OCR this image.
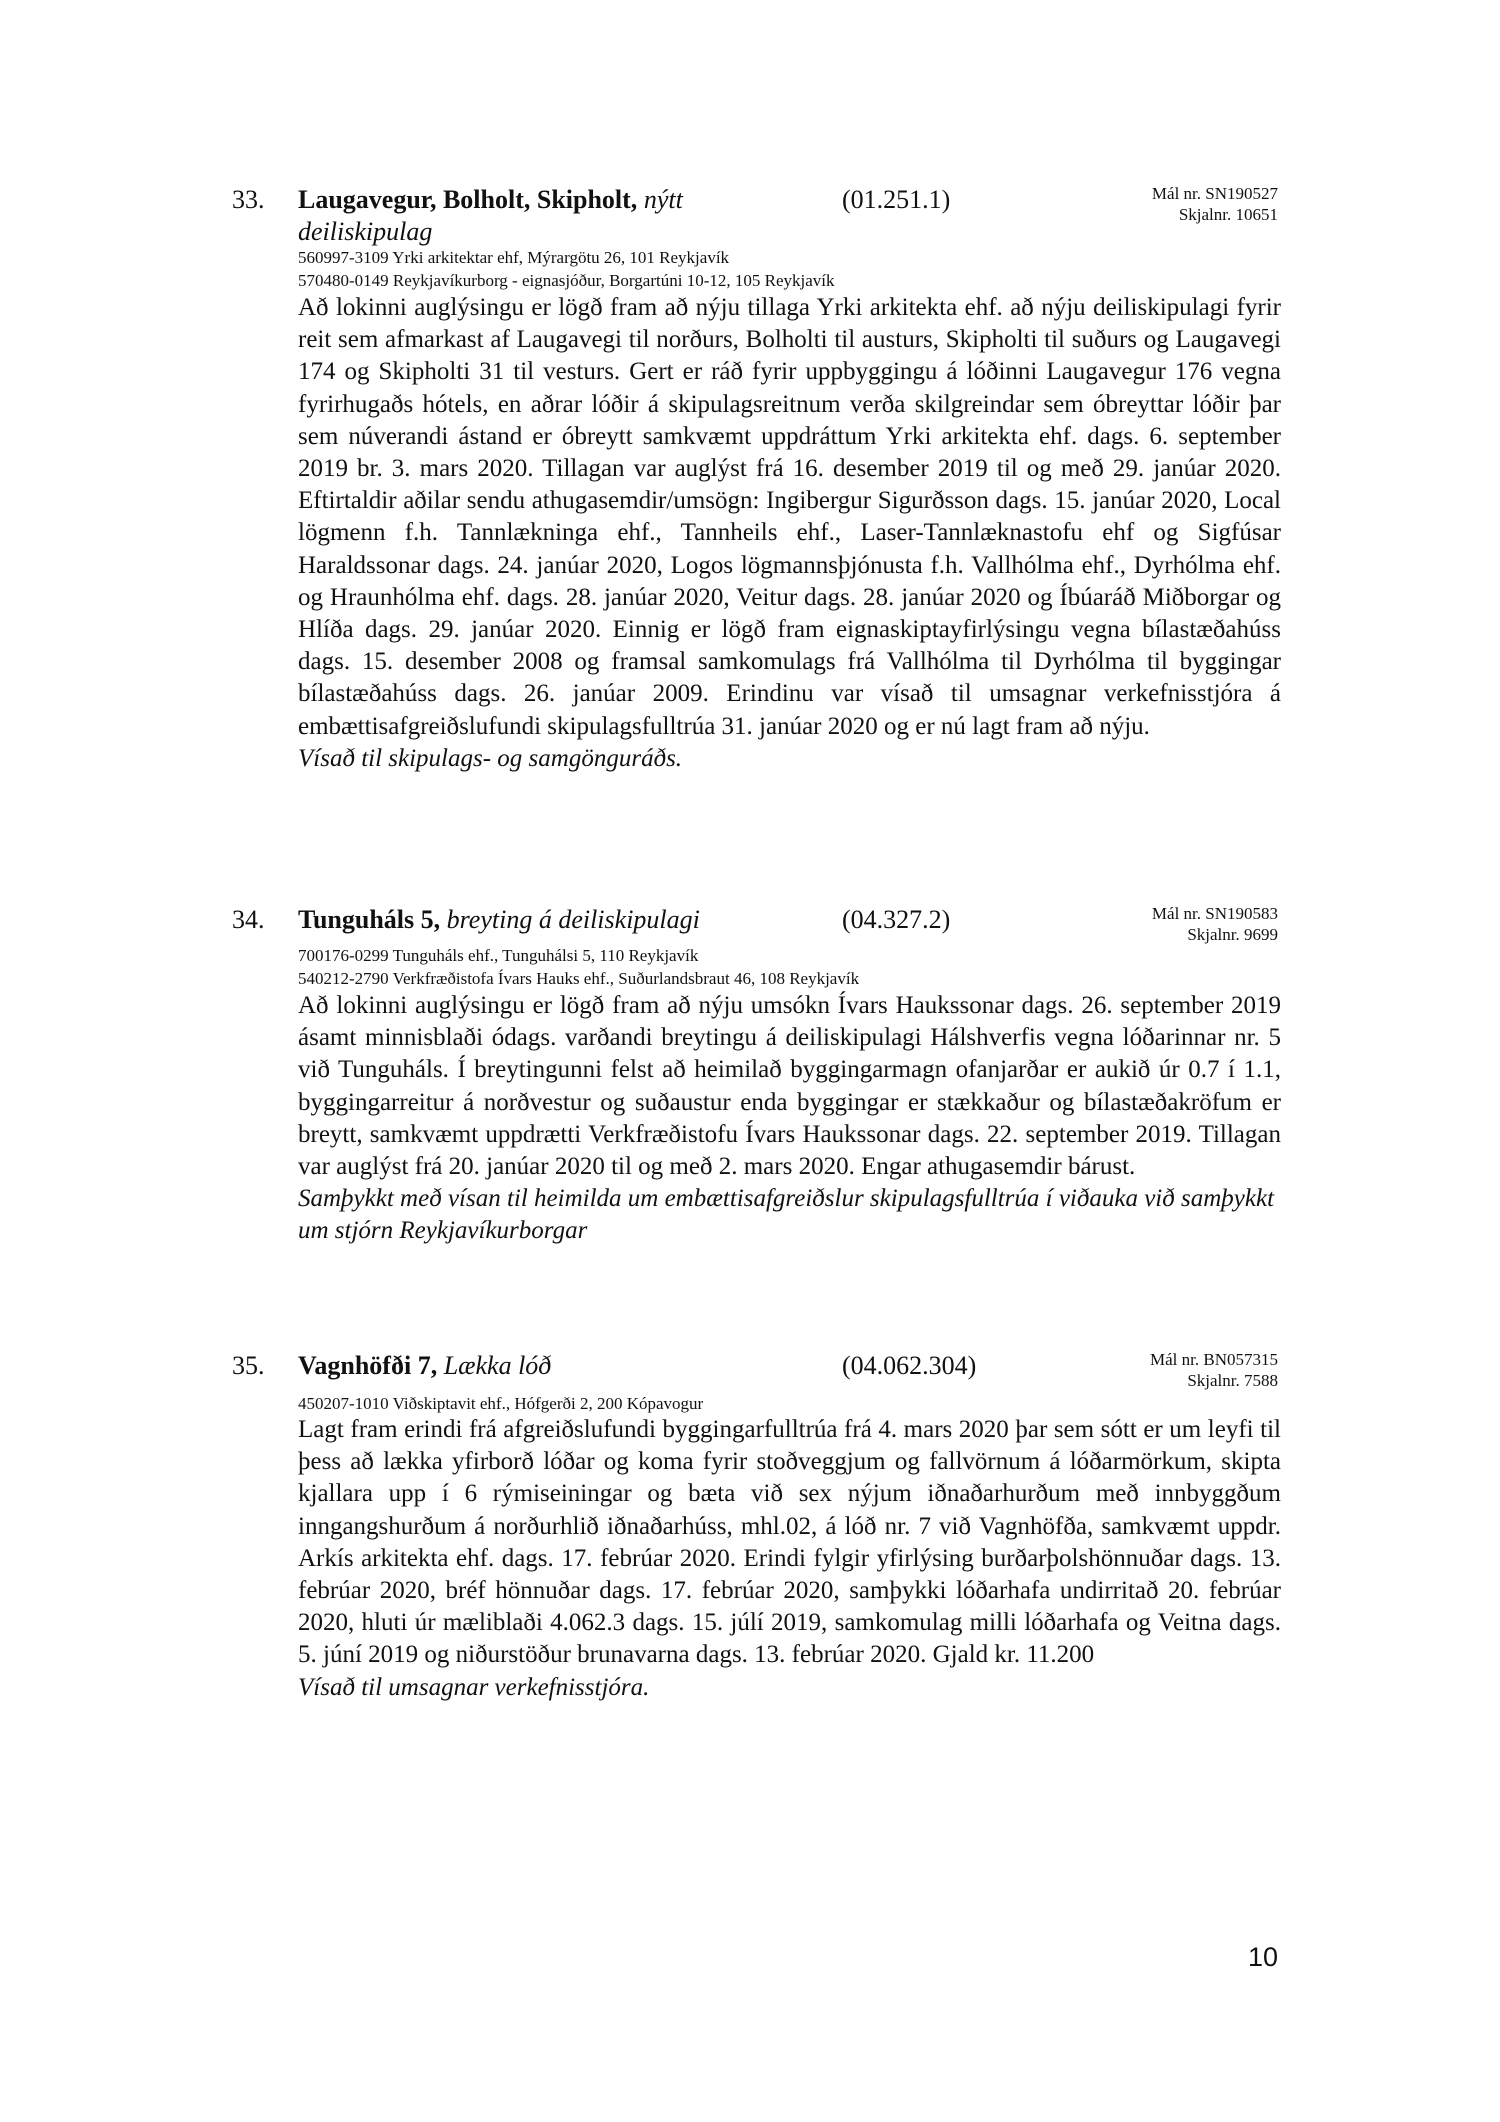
33. Laugavegur, Bolholt, Skipholt, nýtt deiliskipulag
(01.251.1)	Mál nr. SN190527
Skjalnr. 10651
560997-3109 Yrki arkitektar ehf, Mýrargötu 26, 101 Reykjavík
570480-0149 Reykjavíkurborg - eignasjóður, Borgartúni 10-12, 105 Reykjavík

Að lokinni auglýsingu er lögð fram að nýju tillaga Yrki arkitekta ehf. að nýju deiliskipulagi fyrir reit sem afmarkast af Laugavegi til norðurs, Bolholti til austurs, Skipholti til suðurs og Laugavegi 174 og Skipholti 31 til vesturs. Gert er ráð fyrir uppbyggingu á lóðinni Laugavegur 176 vegna fyrirhugaðs hótels, en aðrar lóðir á skipulagsreitnum verða skilgreindar sem óbreyttar lóðir þar sem núverandi ástand er óbreytt samkvæmt uppdráttum Yrki arkitekta ehf. dags. 6. september 2019 br. 3. mars 2020. Tillagan var auglýst frá 16. desember 2019 til og með 29. janúar 2020. Eftirtaldir aðilar sendu athugasemdir/umsögn: Ingibergur Sigurðsson dags. 15. janúar 2020, Local lögmenn f.h. Tannlækninga ehf., Tannheils ehf., Laser-Tannlæknastofu ehf og Sigfúsar Haraldssonar dags. 24. janúar 2020, Logos lögmannsþjónusta f.h. Vallhólma ehf., Dyrhólma ehf. og Hraunhólma ehf. dags. 28. janúar 2020, Veitur dags. 28. janúar 2020 og Íbúaráð Miðborgar og Hlíða dags. 29. janúar 2020. Einnig er lögð fram eignaskiptayfirlýsingu vegna bílastæðahúss dags. 15. desember 2008 og framsal samkomulags frá Vallhólma til Dyrhólma til byggingar bílastæðahúss dags. 26. janúar 2009. Erindinu var vísað til umsagnar verkefnisstjóra á embættisafgreiðslufundi skipulagsfulltrúa 31. janúar 2020 og er nú lagt fram að nýju.

Vísað til skipulags- og samgönguráðs.

34. Tunguháls 5, breyting á deiliskipulagi	(04.327.2)	Mál nr. SN190583
Skjalnr. 9699
700176-0299 Tunguháls ehf., Tunguhálsi 5, 110 Reykjavík
540212-2790 Verkfræðistofa Ívars Hauks ehf., Suðurlandsbraut 46, 108 Reykjavík

Að lokinni auglýsingu er lögð fram að nýju umsókn Ívars Haukssonar dags. 26. september 2019 ásamt minnisblaði ódags. varðandi breytingu á deiliskipulagi Hálshverfis vegna lóðarinnar nr. 5 við Tunguháls. Í breytingunni felst að heimilað byggingarmagn ofanjarðar er aukið úr 0.7 í 1.1, byggingarreitur á norðvestur og suðaustur enda byggingar er stækkaður og bílastæðakröfum er breytt, samkvæmt uppdrætti Verkfræðistofu Ívars Haukssonar dags. 22. september 2019. Tillagan var auglýst frá 20. janúar 2020 til og með 2. mars 2020. Engar athugasemdir bárust.

Samþykkt með vísan til heimilda um embættisafgreiðslur skipulagsfulltrúa í viðauka við samþykkt um stjórn Reykjavíkurborgar

35. Vagnhöfði 7, Lækka lóð	(04.062.304)	Mál nr. BN057315
Skjalnr. 7588
450207-1010 Viðskiptavit ehf., Hófgerði 2, 200 Kópavogur

Lagt fram erindi frá afgreiðslufundi byggingarfulltrúa frá 4. mars 2020 þar sem sótt er um leyfi til þess að lækka yfirborð lóðar og koma fyrir stoðveggjum og fallvörnum á lóðarmörkum, skipta kjallara upp í 6 rýmiseiningar og bæta við sex nýjum iðnaðarhurðum með innbyggðum inngangshurðum á norðurhlið iðnaðarhúss, mhl.02, á lóð nr. 7 við Vagnhöfða, samkvæmt uppdr. Arkís arkitekta ehf. dags. 17. febrúar 2020. Erindi fylgir yfirlýsing burðarþolshönnuðar dags. 13. febrúar 2020, bréf hönnuðar dags. 17. febrúar 2020, samþykki lóðarhafa undirritað 20. febrúar 2020, hluti úr mæliblaði 4.062.3 dags. 15. júlí 2019, samkomulag milli lóðarhafa og Veitna dags. 5. júní 2019 og niðurstöður brunavarna dags. 13. febrúar 2020. Gjald kr. 11.200

Vísað til umsagnar verkefnisstjóra.

10
